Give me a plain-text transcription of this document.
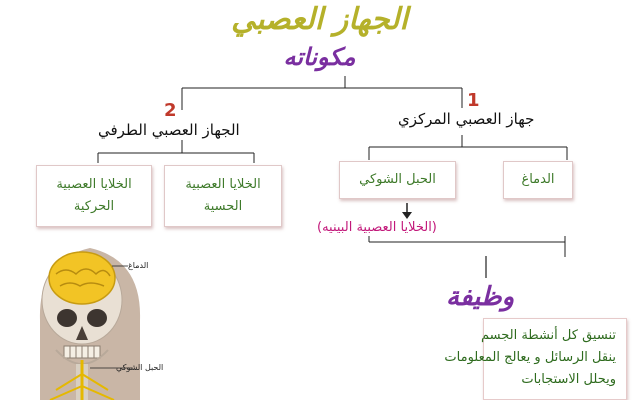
الجهاز العصبي
مكوناته
1
جهاز العصبي المركزي
2
الجهاز العصبي الطرفي
الدماغ
الحبل الشوكي
الخلايا العصبية الحسية
الخلايا العصبية الحركية
(الخلايا العصبية البينيه)
وظيفة
تنسيق كل أنشطة الجسم
ينقل الرسائل و يعالج المعلومات
ويحلل الاستجابات
الدماغ
الحبل الشوكي
